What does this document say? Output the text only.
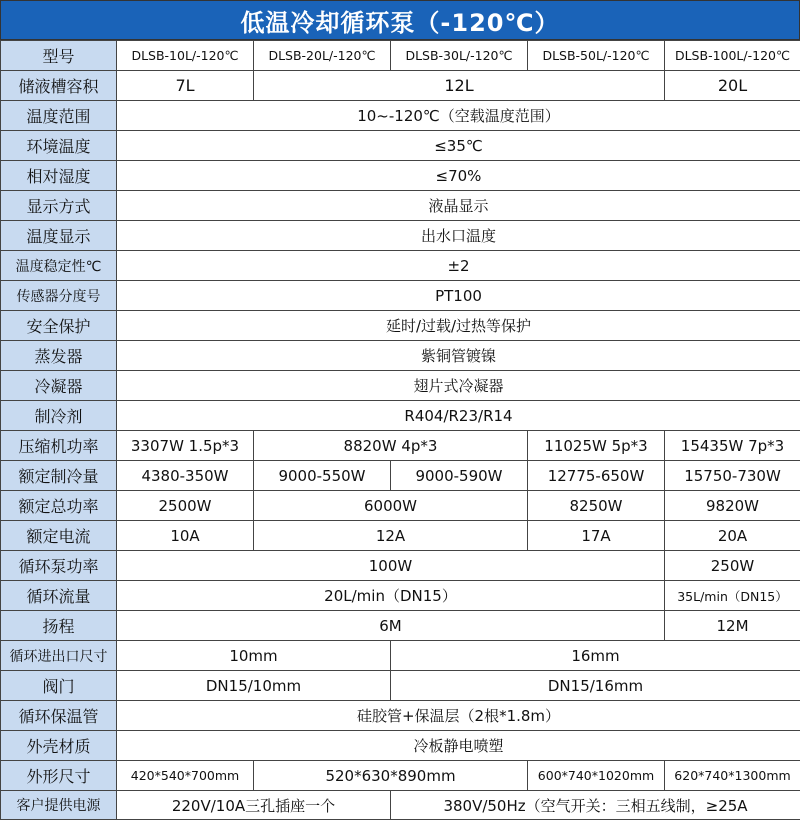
低温冷却循环泵（-120℃）
型号	DLSB-10L/-120℃	DLSB-20L/-120℃	DLSB-30L/-120℃	DLSB-50L/-120℃	DLSB-100L/-120℃
储液槽容积	7L	12L			20L
温度范围	10~-120℃（空载温度范围）				
环境温度	≤35℃				
相对湿度	≤70%				
显示方式	液晶显示				
温度显示	出水口温度				
温度稳定性℃	±2				
传感器分度号	PT100				
安全保护	延时/过载/过热等保护				
蒸发器	紫铜管镀镍				
冷凝器	翅片式冷凝器				
制冷剂	R404/R23/R14				
压缩机功率	3307W 1.5p*3	8820W 4p*3		11025W 5p*3	15435W 7p*3
额定制冷量	4380-350W	9000-550W	9000-590W	12775-650W	15750-730W
额定总功率	2500W	6000W		8250W	9820W
额定电流	10A	12A		17A	20A
循环泵功率	100W				250W
循环流量	20L/min（DN15）				35L/min（DN15）
扬程	6M				12M
循环进出口尺寸	10mm		16mm		
阀门	DN15/10mm		DN15/16mm		
循环保温管	硅胶管+保温层（2根*1.8m）				
外壳材质	冷板静电喷塑				
外形尺寸	420*540*700mm	520*630*890mm		600*740*1020mm	620*740*1300mm
客户提供电源	220V/10A三孔插座一个		380V/50Hz（空气开关：三相五线制，≥25A		
